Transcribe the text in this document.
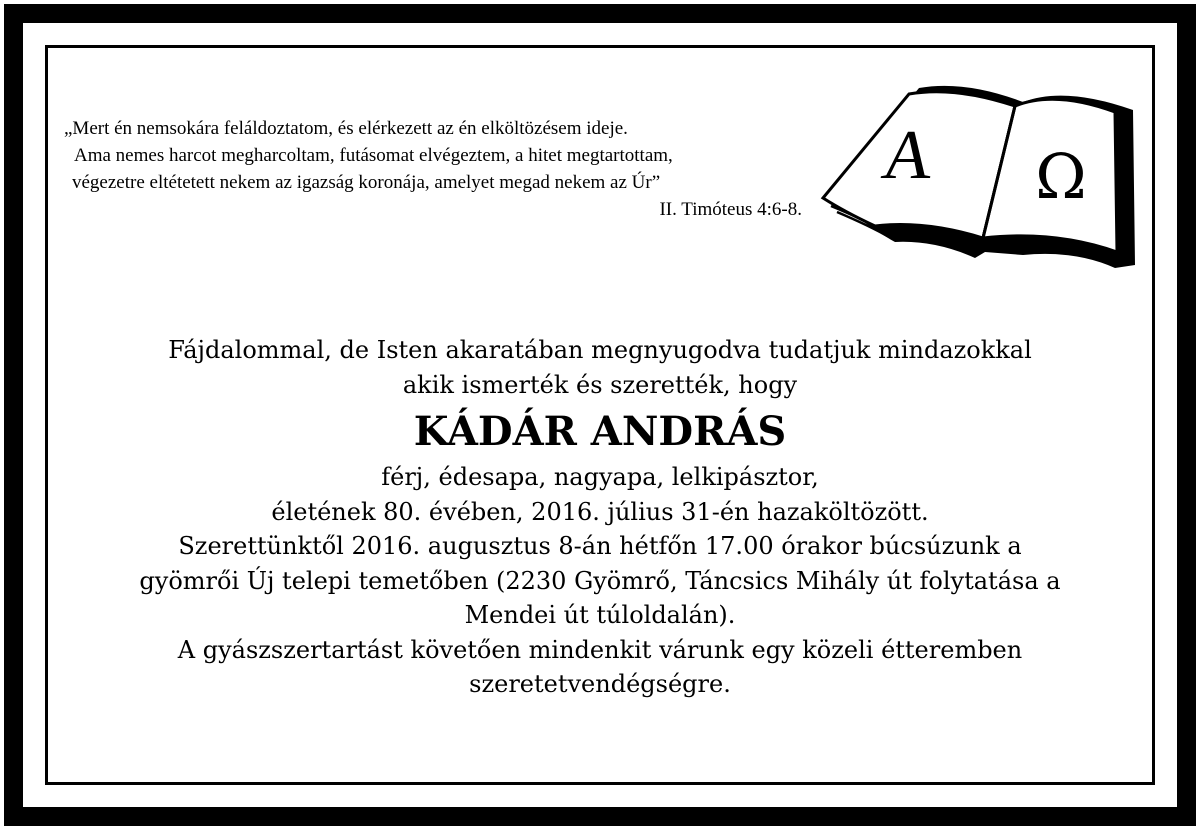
„Mert én nemsokára feláldoztatom, és elérkezett az én elköltözésem ideje.
Ama nemes harcot megharcoltam, futásomat elvégeztem, a hitet megtartottam,
végezetre eltétetett nekem az igazság koronája, amelyet megad nekem az Úr”
II. Timóteus 4:6-8.
A Ω
Fájdalommal, de Isten akaratában megnyugodva tudatjuk mindazokkal
akik ismerték és szerették, hogy
KÁDÁR ANDRÁS
férj, édesapa, nagyapa, lelkipásztor,
életének 80. évében, 2016. július 31-én hazaköltözött.
Szerettünktől 2016. augusztus 8-án hétfőn 17.00 órakor búcsúzunk a
gyömrői Új telepi temetőben (2230 Gyömrő, Táncsics Mihály út folytatása a
Mendei út túloldalán).
A gyászszertartást követően mindenkit várunk egy közeli étteremben
szeretetvendégségre.
